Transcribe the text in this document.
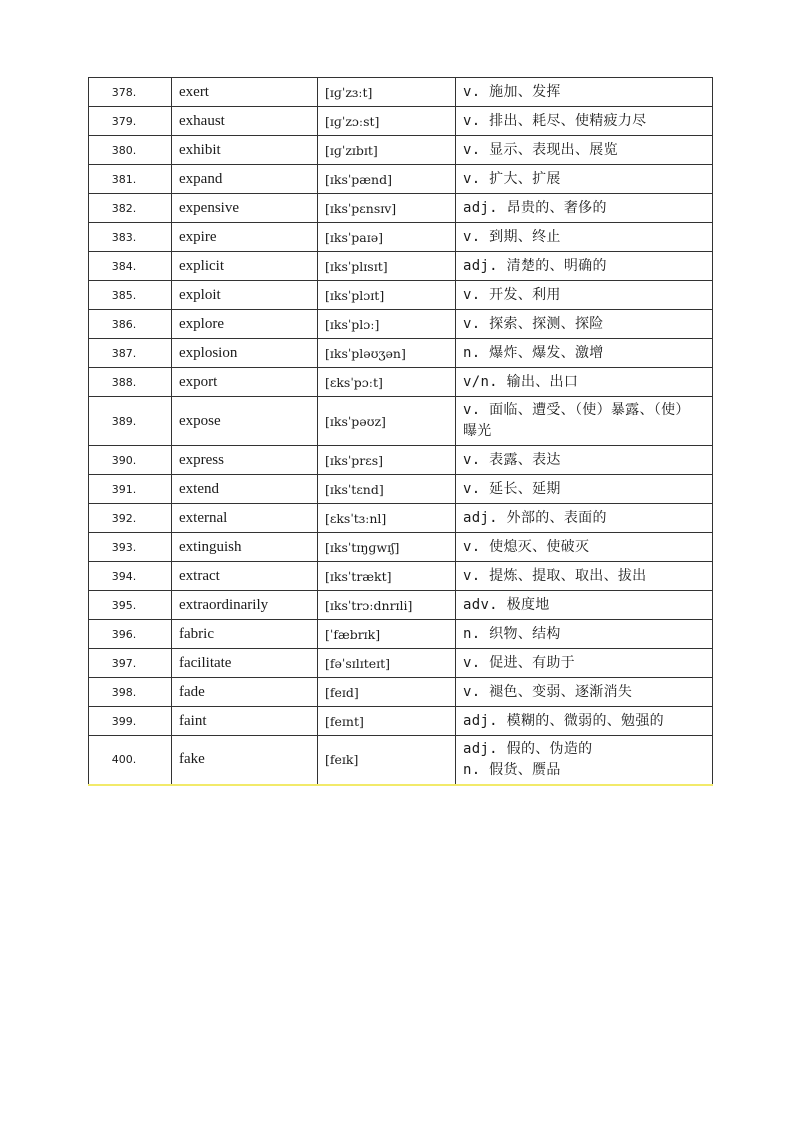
378.	exert	[ɪɡˈzɜːt]	v. 施加、发挥

379.	exhaust	[ɪɡˈzɔːst]	v. 排出、耗尽、使精疲力尽

380.	exhibit	[ɪɡˈzɪbɪt]	v. 显示、表现出、展览

381.	expand	[ɪksˈpænd]	v. 扩大、扩展

382.	expensive	[ɪksˈpɛnsɪv]	adj. 昂贵的、奢侈的

383.	expire	[ɪksˈpaɪə]	v. 到期、终止

384.	explicit	[ɪksˈplɪsɪt]	adj. 清楚的、明确的

385.	exploit	[ɪksˈplɔɪt]	v. 开发、利用

386.	explore	[ɪksˈplɔː]	v. 探索、探测、探险

387.	explosion	[ɪksˈpləʊʒən]	n. 爆炸、爆发、激增

388.	export	[ɛksˈpɔːt]	v/n. 输出、出口

389.	expose	[ɪksˈpəʊz]	v. 面临、遭受、（使）暴露、（使）
曝光

390.	express	[ɪksˈprɛs]	v. 表露、表达

391.	extend	[ɪksˈtɛnd]	v. 延长、延期

392.	external	[ɛksˈtɜːnl]	adj. 外部的、表面的

393.	extinguish	[ɪksˈtɪŋɡwɪʃ]	v. 使熄灭、使破灭

394.	extract	[ɪksˈtrækt]	v. 提炼、提取、取出、拔出

395.	extraordinarily	[ɪksˈtrɔːdnrɪli]	adv. 极度地

396.	fabric	[ˈfæbrɪk]	n. 织物、结构

397.	facilitate	[fəˈsɪlɪteɪt]	v. 促进、有助于

398.	fade	[feɪd]	v. 褪色、变弱、逐渐消失

399.	faint	[feɪnt]	adj. 模糊的、微弱的、勉强的

400.	fake	[feɪk]	adj. 假的、伪造的
n. 假货、赝品
